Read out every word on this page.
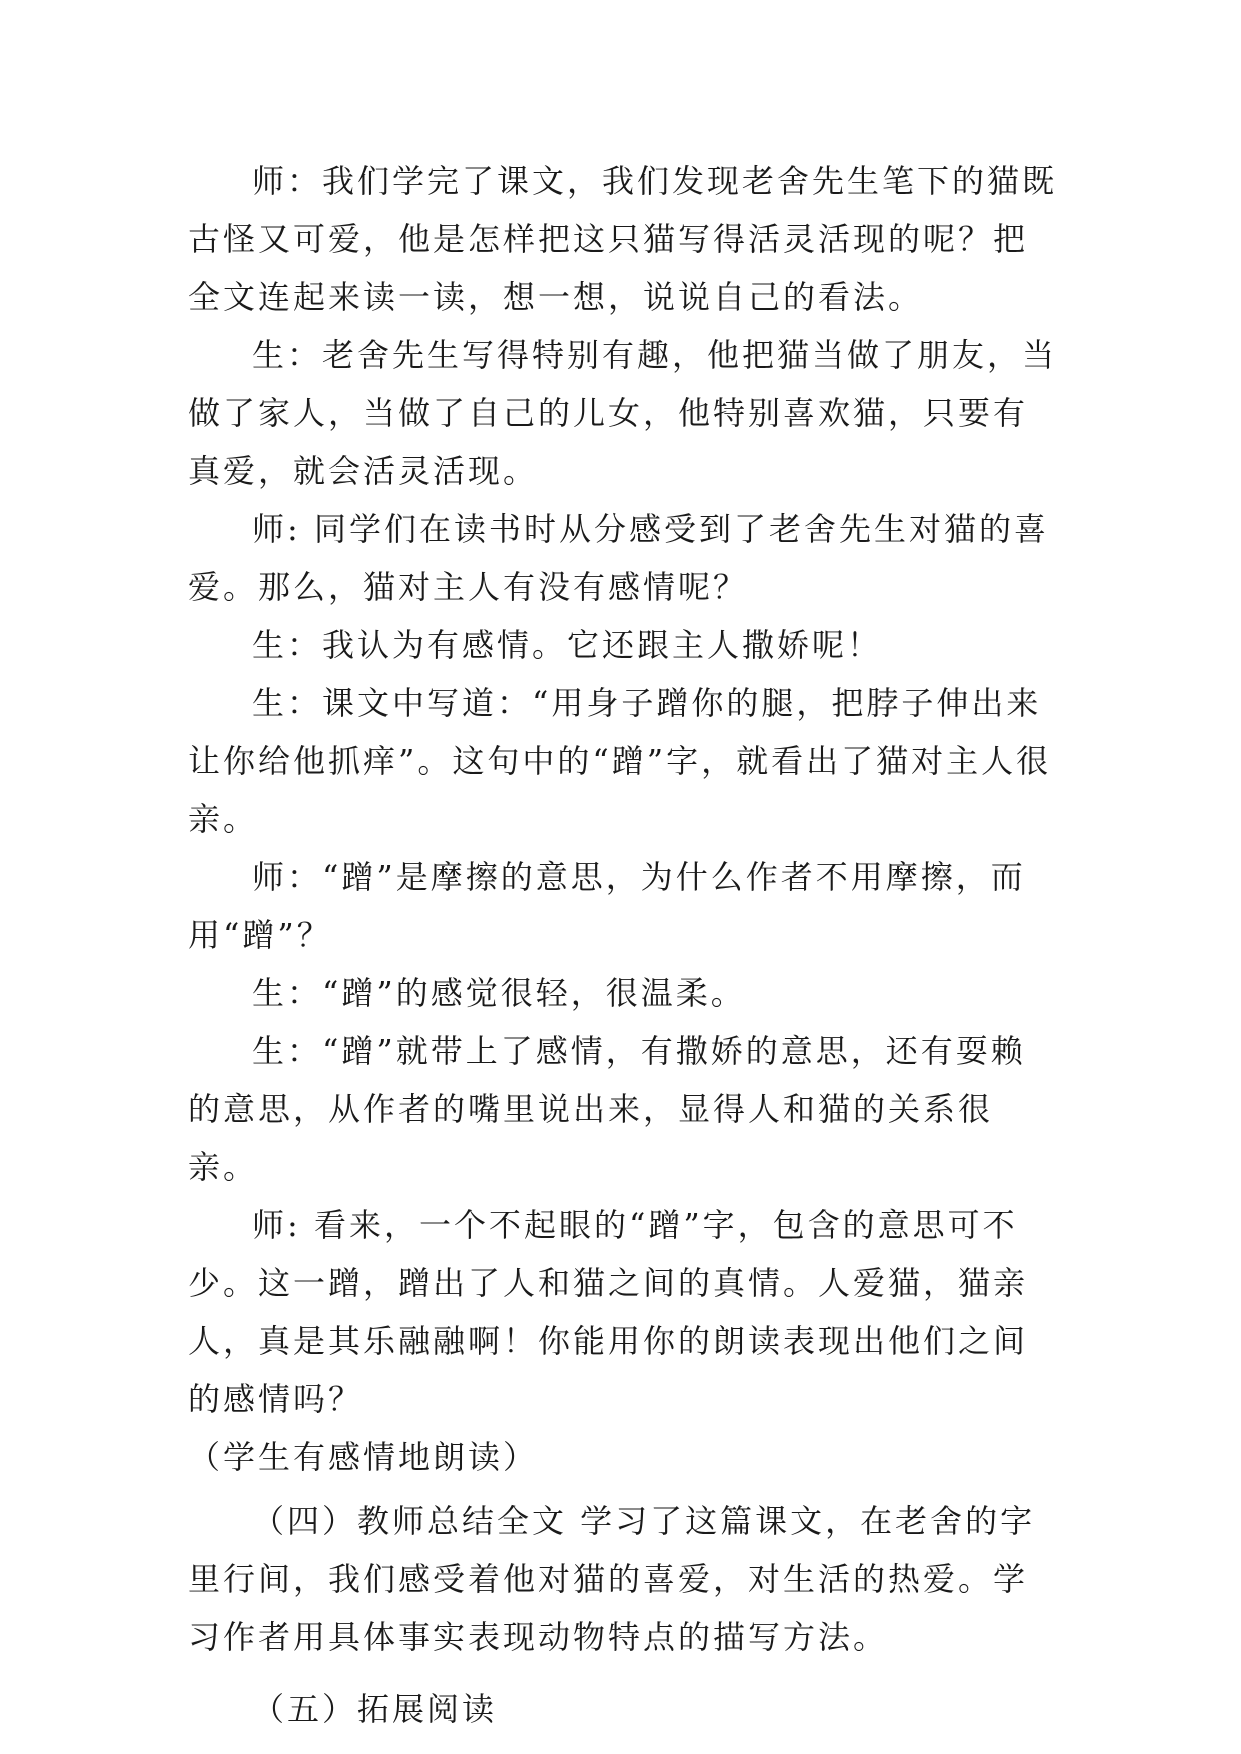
师：我们学完了课文，我们发现老舍先生笔下的猫既古怪又可爱，他是怎样把这只猫写得活灵活现的呢？把全文连起来读一读，想一想，说说自己的看法。

生：老舍先生写得特别有趣，他把猫当做了朋友，当做了家人，当做了自己的儿女，他特别喜欢猫，只要有真爱，就会活灵活现。

师: 同学们在读书时从分感受到了老舍先生对猫的喜爱。那么，猫对主人有没有感情呢？

生：我认为有感情。它还跟主人撒娇呢！

生：课文中写道：“用身子蹭你的腿，把脖子伸出来让你给他抓痒”。这句中的“蹭”字，就看出了猫对主人很亲。

师：“蹭”是摩擦的意思，为什么作者不用摩擦，而用“蹭”？

生：“蹭”的感觉很轻，很温柔。

生：“蹭”就带上了感情，有撒娇的意思，还有耍赖的意思，从作者的嘴里说出来，显得人和猫的关系很亲。

师: 看来，一个不起眼的“蹭”字，包含的意思可不少。这一蹭，蹭出了人和猫之间的真情。人爱猫，猫亲人，真是其乐融融啊！你能用你的朗读表现出他们之间的感情吗？

（学生有感情地朗读）

（四）教师总结全文 学习了这篇课文，在老舍的字里行间，我们感受着他对猫的喜爱，对生活的热爱。学习作者用具体事实表现动物特点的描写方法。

（五）拓展阅读
